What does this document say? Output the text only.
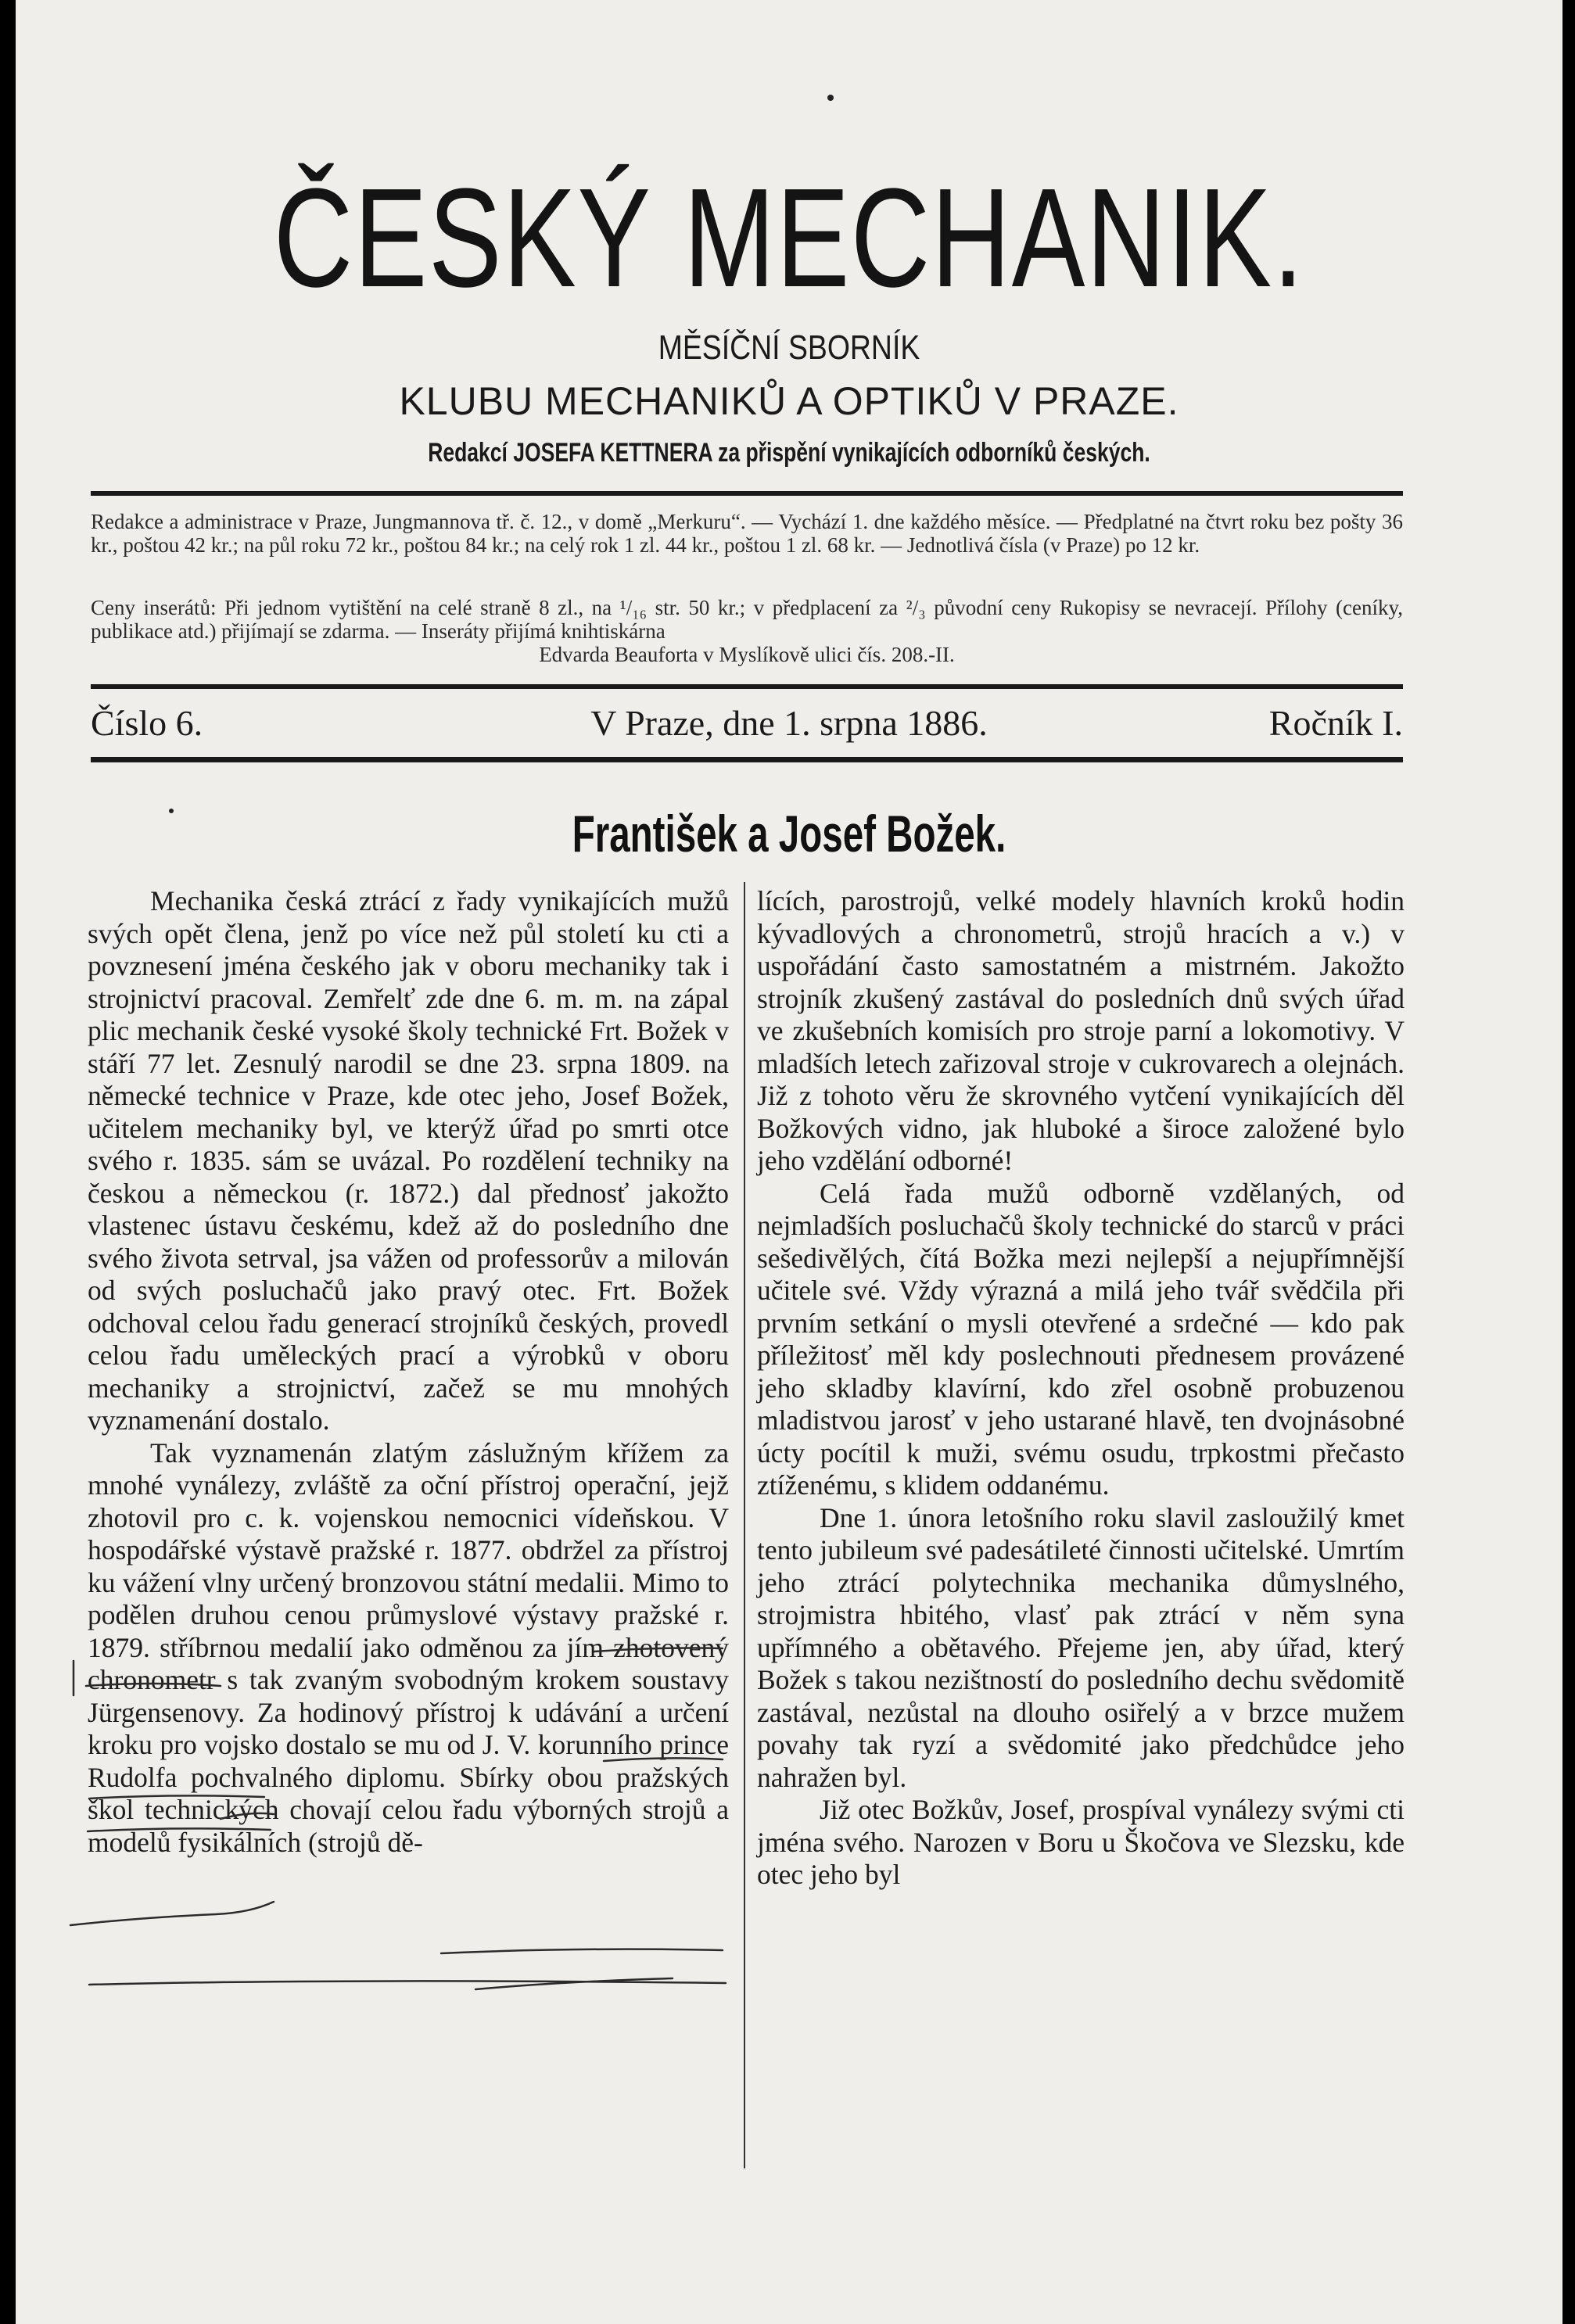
ČESKÝ MECHANIK.
MĚSÍČNÍ SBORNÍK
KLUBU MECHANIKŮ A OPTIKŮ V PRAZE.
Redakcí JOSEFA KETTNERA za přispění vynikajících odborníků českých.

Redakce a administrace v Praze, Jungmannova tř. č. 12., v domě „Merkuru“. — Vychází 1. dne každého měsíce. — Předplatné na čtvrt roku bez pošty 36 kr., poštou 42 kr.; na půl roku 72 kr., poštou 84 kr.; na celý rok 1 zl. 44 kr., poštou 1 zl. 68 kr. — Jednotlivá čísla (v Praze) po 12 kr.

Ceny inserátů: Při jednom vytištění na celé straně 8 zl., na ¹/₁₆ str. 50 kr.; v předplacení za ²/₃ původní ceny Rukopisy se nevracejí. Přílohy (ceníky, publikace atd.) přijímají se zdarma. — Inseráty přijímá knihtiskárna

Edvarda Beauforta v Myslíkově ulici čís. 208.-II.

Číslo 6.	V Praze, dne 1. srpna 1886.	Ročník I.
František a Josef Božek.

Mechanika česká ztrácí z řady vynikajících mužů svých opět člena, jenž po více než půl století ku cti a povznesení jména českého jak v oboru mechaniky tak i strojnictví pracoval. Zemřelť zde dne 6. m. m. na zápal plic mechanik české vysoké školy technické Frt. Božek v stáří 77 let. Zesnulý narodil se dne 23. srpna 1809. na německé technice v Praze, kde otec jeho, Josef Božek, učitelem mechaniky byl, ve kterýž úřad po smrti otce svého r. 1835. sám se uvázal. Po rozdělení techniky na českou a německou (r. 1872.) dal přednosť jakožto vlastenec ústavu českému, kdež až do posledního dne svého života setrval, jsa vážen od professorův a milován od svých posluchačů jako pravý otec. Frt. Božek odchoval celou řadu generací strojníků českých, provedl celou řadu uměleckých prací a výrobků v oboru mechaniky a strojnictví, začež se mu mnohých vyznamenání dostalo.

Tak vyznamenán zlatým záslužným křížem za mnohé vynálezy, zvláště za oční přístroj operační, jejž zhotovil pro c. k. vojenskou nemocnici vídeňskou. V hospodářské výstavě pražské r. 1877. obdržel za přístroj ku vážení vlny určený bronzovou státní medalii. Mimo to podělen druhou cenou průmyslové výstavy pražské r. 1879. stříbrnou medalií jako odměnou za jím zhotovený chronometr s tak zvaným svobodným krokem soustavy Jürgensenovy. Za hodinový přístroj k udávání a určení kroku pro vojsko dostalo se mu od J. V. korunního prince Rudolfa pochvalného diplomu. Sbírky obou pražských škol technických chovají celou řadu výborných strojů a modelů fysikálních (strojů dě-

lících, parostrojů, velké modely hlavních kroků hodin kývadlových a chronometrů, strojů hracích a v.) v uspořádání často samostatném a mistrném. Jakožto strojník zkušený zastával do posledních dnů svých úřad ve zkušebních komisích pro stroje parní a lokomotivy. V mladších letech zařizoval stroje v cukrovarech a olejnách. Již z tohoto věru že skrovného vytčení vynikajících děl Božkových vidno, jak hluboké a široce založené bylo jeho vzdělání odborné!

Celá řada mužů odborně vzdělaných, od nejmladších posluchačů školy technické do starců v práci sešedivělých, čítá Božka mezi nejlepší a nejupřímnější učitele své. Vždy výrazná a milá jeho tvář svědčila při prvním setkání o mysli otevřené a srdečné — kdo pak příležitosť měl kdy poslechnouti přednesem provázené jeho skladby klavírní, kdo zřel osobně probuzenou mladistvou jarosť v jeho ustarané hlavě, ten dvojnásobné úcty pocítil k muži, svému osudu, trpkostmi přečasto ztíženému, s klidem oddanému.

Dne 1. února letošního roku slavil zasloužilý kmet tento jubileum své padesátileté činnosti učitelské. Umrtím jeho ztrácí polytechnika mechanika důmyslného, strojmistra hbitého, vlasť pak ztrácí v něm syna upřímného a obětavého. Přejeme jen, aby úřad, který Božek s takou nezištností do posledního dechu svědomitě zastával, nezůstal na dlouho osiřelý a v brzce mužem povahy tak ryzí a svědomité jako předchůdce jeho nahražen byl.

Již otec Božkův, Josef, prospíval vynálezy svými cti jména svého. Narozen v Boru u Škočova ve Slezsku, kde otec jeho byl
